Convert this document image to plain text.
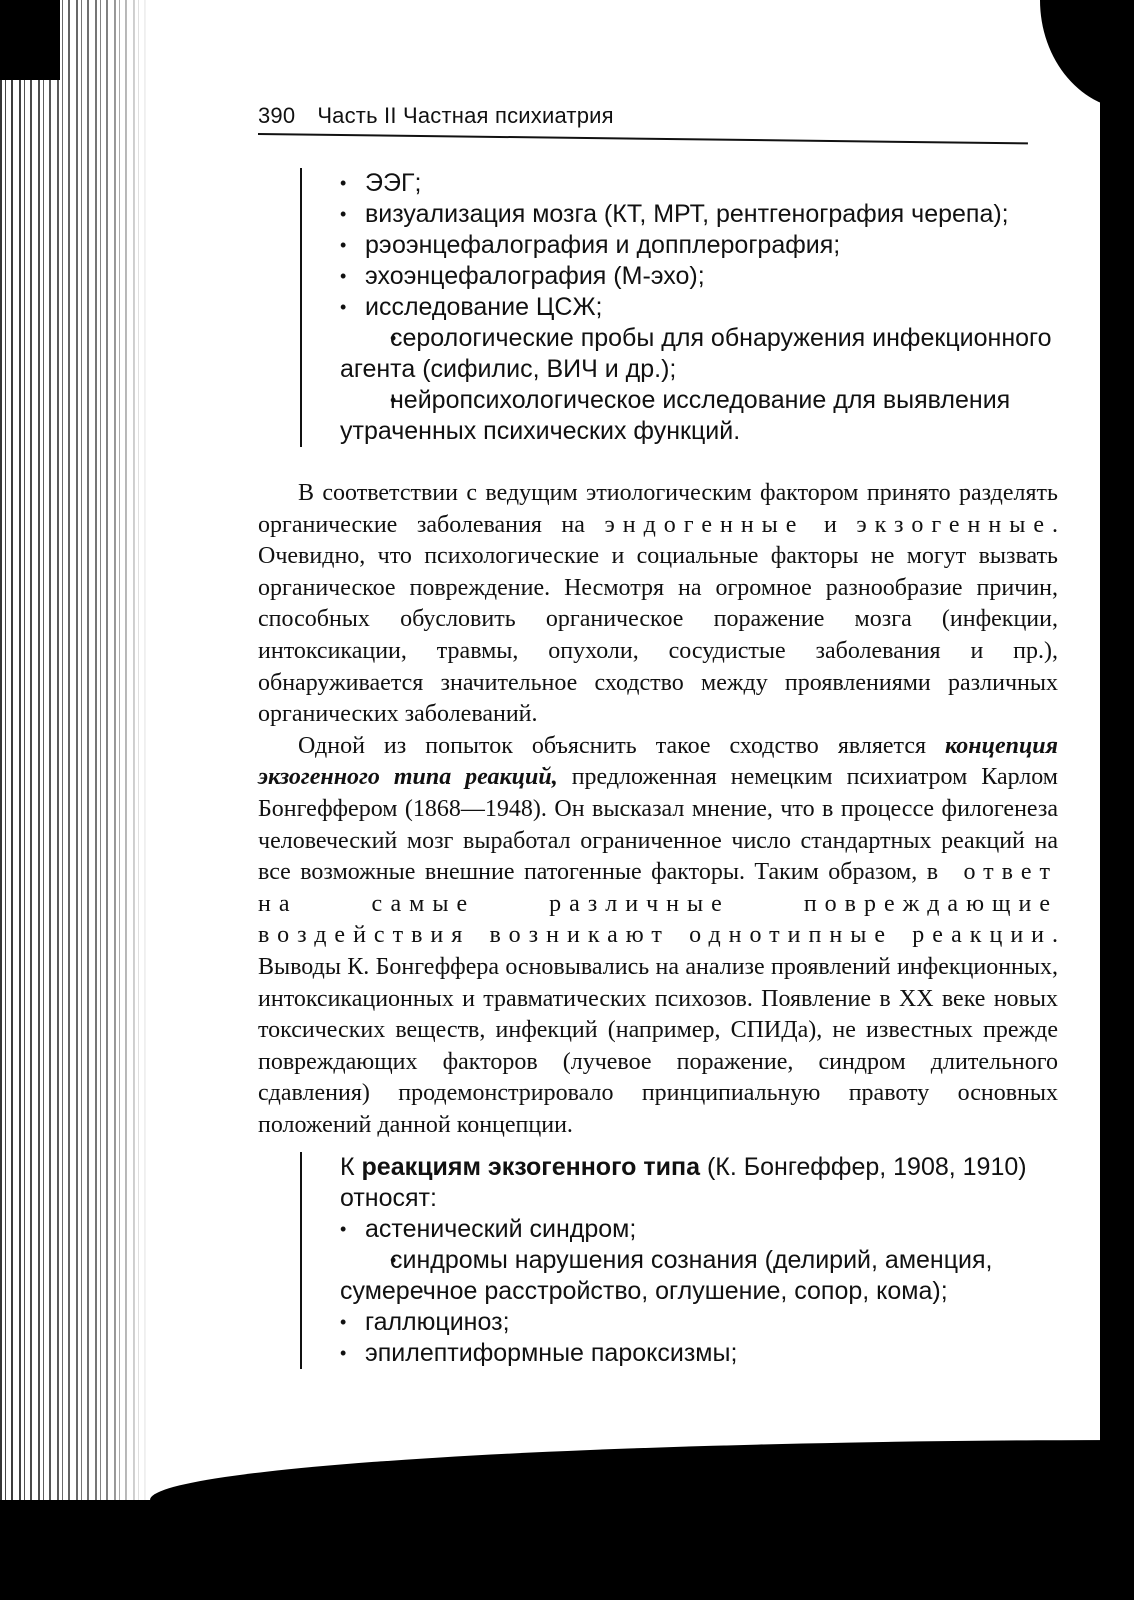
390 Часть II Частная психиатрия

• ЭЭГ;

• визуализация мозга (КТ, МРТ, рентгенография черепа);

• рэоэнцефалография и допплерография;

• эхоэнцефалография (М-эхо);

• исследование ЦСЖ;

• серологические пробы для обнаружения инфекционного агента (сифилис, ВИЧ и др.);

• нейропсихологическое исследование для выявления утраченных психических функций.

В соответствии с ведущим этиологическим фактором принято разделять органические заболевания на эндогенные и экзогенные. Очевидно, что психологические и социальные факторы не могут вызвать органическое повреждение. Несмотря на огромное разнообразие причин, способных обусловить органическое поражение мозга (инфекции, интоксикации, травмы, опухоли, сосудистые заболевания и пр.), обнаруживается значительное сходство между проявлениями различных органических заболеваний.

Одной из попыток объяснить такое сходство является концепция экзогенного типа реакций, предложенная немецким психиатром Карлом Бонгеффером (1868—1948). Он высказал мнение, что в процессе филогенеза человеческий мозг выработал ограниченное число стандартных реакций на все возможные внешние патогенные факторы. Таким образом, в ответ на самые различные повреждающие воздействия возникают однотипные реакции. Выводы К. Бонгеффера основывались на анализе проявлений инфекционных, интоксикационных и травматических психозов. Появление в XX веке новых токсических веществ, инфекций (например, СПИДа), не известных прежде повреждающих факторов (лучевое поражение, синдром длительного сдавления) продемонстрировало принципиальную правоту основных положений данной концепции.

К реакциям экзогенного типа (К. Бонгеффер, 1908, 1910) относят:

• астенический синдром;

• синдромы нарушения сознания (делирий, аменция, сумеречное расстройство, оглушение, сопор, кома);

• галлюциноз;

• эпилептиформные пароксизмы;
